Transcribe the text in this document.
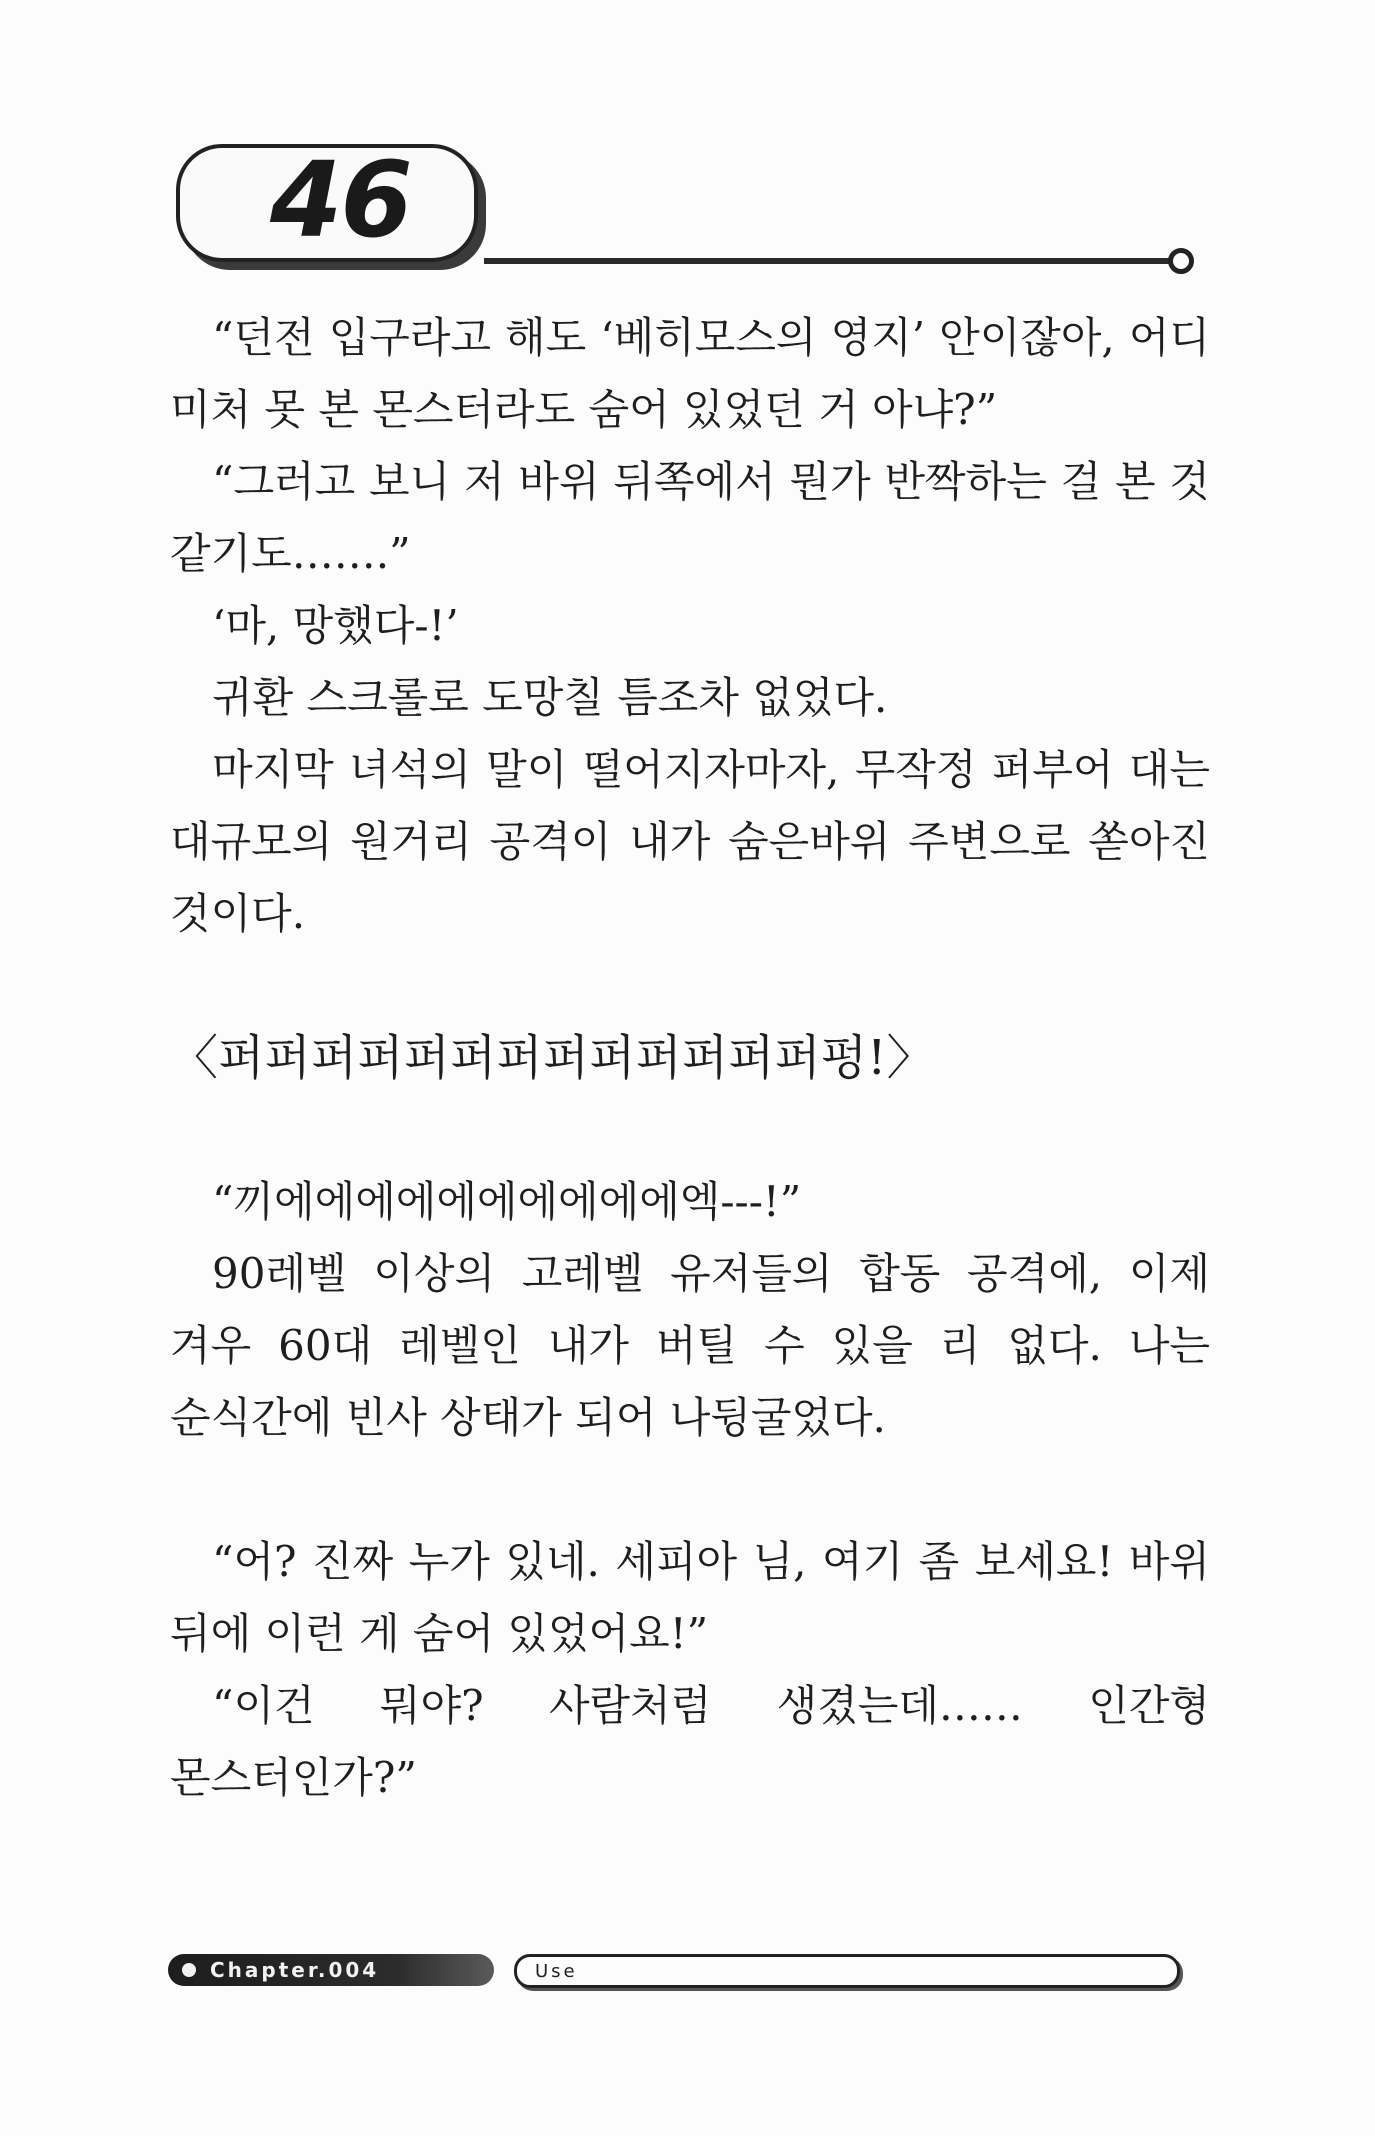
46

“던전 입구라고 해도 ‘베히모스의 영지’ 안이잖아, 어디 미처 못 본 몬스터라도 숨어 있었던 거 아냐?”

“그러고 보니 저 바위 뒤쪽에서 뭔가 반짝하는 걸 본 것 같기도…….”

‘마, 망했다-!’

귀환 스크롤로 도망칠 틈조차 없었다.

마지막 녀석의 말이 떨어지자마자, 무작정 퍼부어 대는 대규모의 원거리 공격이 내가 숨은바위 주변으로 쏟아진 것이다.

〈퍼퍼퍼퍼퍼퍼퍼퍼퍼퍼퍼퍼퍼펑!〉

“끼에에에에에에에에에에엑---!”

90레벨 이상의 고레벨 유저들의 합동 공격에, 이제 겨우 60대 레벨인 내가 버틸 수 있을 리 없다. 나는 순식간에 빈사 상태가 되어 나뒹굴었다.

“어? 진짜 누가 있네. 세피아 님, 여기 좀 보세요! 바위 뒤에 이런 게 숨어 있었어요!”

“이건 뭐야? 사람처럼 생겼는데…… 인간형 몬스터인가?”

Chapter.004	Use
